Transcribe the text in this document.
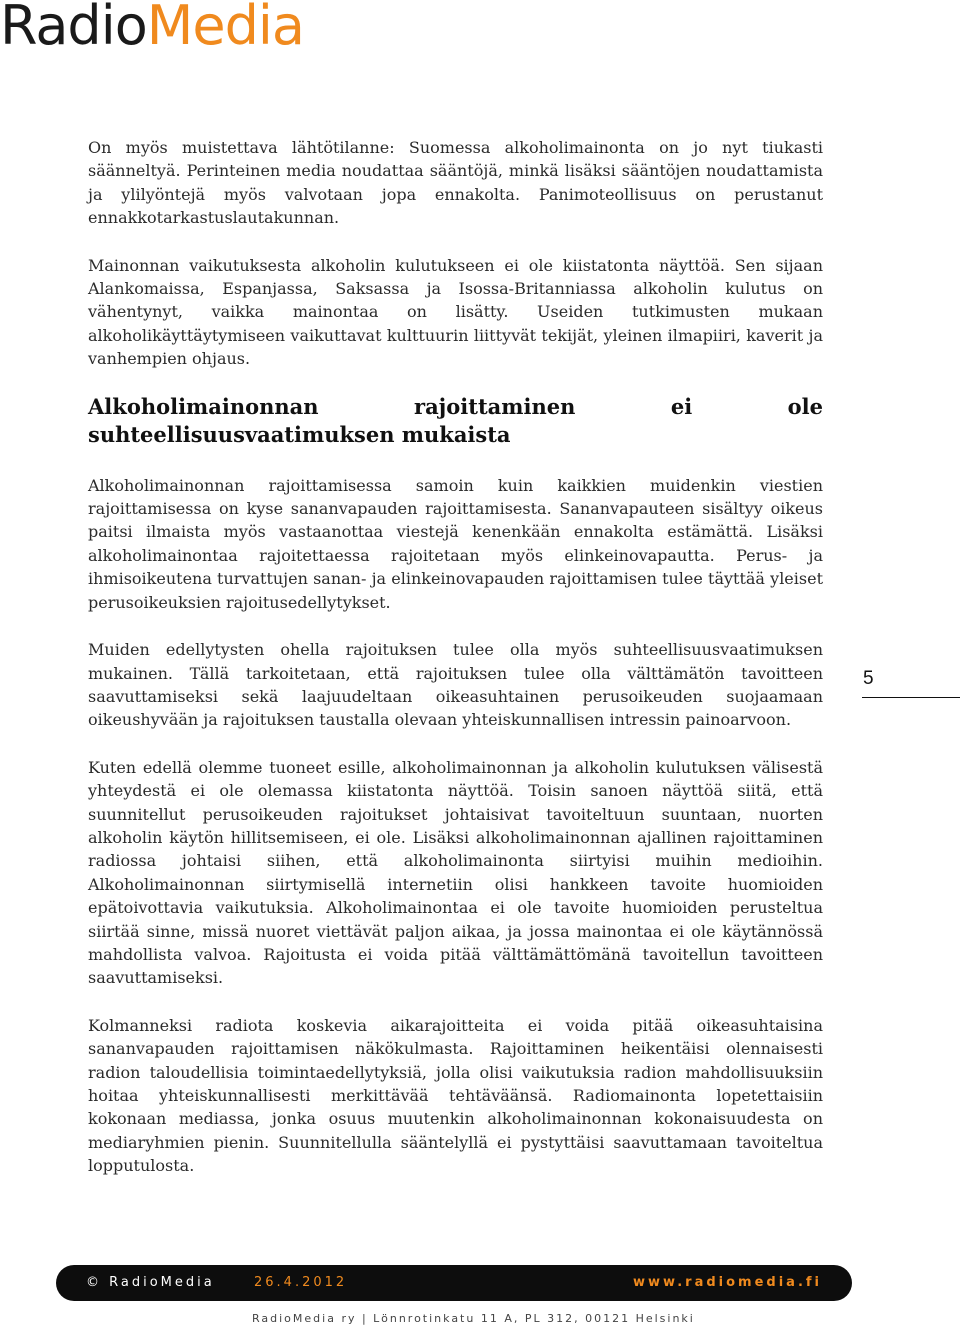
RadioMedia

On myös muistettava lähtötilanne: Suomessa alkoholimainonta on jo nyt tiukasti säänneltyä. Perinteinen media noudattaa sääntöjä, minkä lisäksi sääntöjen noudattamista ja ylilyöntejä myös valvotaan jopa ennakolta. Panimoteollisuus on perustanut ennakkotarkastuslautakunnan.

Mainonnan vaikutuksesta alkoholin kulutukseen ei ole kiistatonta näyttöä. Sen sijaan Alankomaissa, Espanjassa, Saksassa ja Isossa-Britanniassa alkoholin kulutus on vähentynyt, vaikka mainontaa on lisätty. Useiden tutkimusten mukaan alkoholikäyttäytymiseen vaikuttavat kulttuurin liittyvät tekijät, yleinen ilmapiiri, kaverit ja vanhempien ohjaus.

Alkoholimainonnan rajoittaminen ei ole suhteellisuusvaatimuksen mukaista

Alkoholimainonnan rajoittamisessa samoin kuin kaikkien muidenkin viestien rajoittamisessa on kyse sananvapauden rajoittamisesta. Sananvapauteen sisältyy oikeus paitsi ilmaista myös vastaanottaa viestejä kenenkään ennakolta estämättä. Lisäksi alkoholimainontaa rajoitettaessa rajoitetaan myös elinkeinovapautta. Perus- ja ihmisoikeutena turvattujen sanan- ja elinkeinovapauden rajoittamisen tulee täyttää yleiset perusoikeuksien rajoitusedellytykset.

Muiden edellytysten ohella rajoituksen tulee olla myös suhteellisuusvaatimuksen mukainen. Tällä tarkoitetaan, että rajoituksen tulee olla välttämätön tavoitteen saavuttamiseksi sekä laajuudeltaan oikeasuhtainen perusoikeuden suojaamaan oikeushyvään ja rajoituksen taustalla olevaan yhteiskunnallisen intressin painoarvoon.

Kuten edellä olemme tuoneet esille, alkoholimainonnan ja alkoholin kulutuksen välisestä yhteydestä ei ole olemassa kiistatonta näyttöä. Toisin sanoen näyttöä siitä, että suunnitellut perusoikeuden rajoitukset johtaisivat tavoiteltuun suuntaan, nuorten alkoholin käytön hillitsemiseen, ei ole. Lisäksi alkoholimainonnan ajallinen rajoittaminen radiossa johtaisi siihen, että alkoholimainonta siirtyisi muihin medioihin. Alkoholimainonnan siirtymisellä internetiin olisi hankkeen tavoite huomioiden epätoivottavia vaikutuksia. Alkoholimainontaa ei ole tavoite huomioiden perusteltua siirtää sinne, missä nuoret viettävät paljon aikaa, ja jossa mainontaa ei ole käytännössä mahdollista valvoa. Rajoitusta ei voida pitää välttämättömänä tavoitellun tavoitteen saavuttamiseksi.

Kolmanneksi radiota koskevia aikarajoitteita ei voida pitää oikeasuhtaisina sananvapauden rajoittamisen näkökulmasta. Rajoittaminen heikentäisi olennaisesti radion taloudellisia toimintaedellytyksiä, jolla olisi vaikutuksia radion mahdollisuuksiin hoitaa yhteiskunnallisesti merkittävää tehtäväänsä. Radiomainonta lopetettaisiin kokonaan mediassa, jonka osuus muutenkin alkoholimainonnan kokonaisuudesta on mediaryhmien pienin. Suunnitellulla sääntelyllä ei pystyttäisi saavuttamaan tavoiteltua lopputulosta.

5
© RadioMedia	26.4.2012	www.radiomedia.fi
RadioMedia ry | Lönnrotinkatu 11 A, PL 312, 00121 Helsinki
